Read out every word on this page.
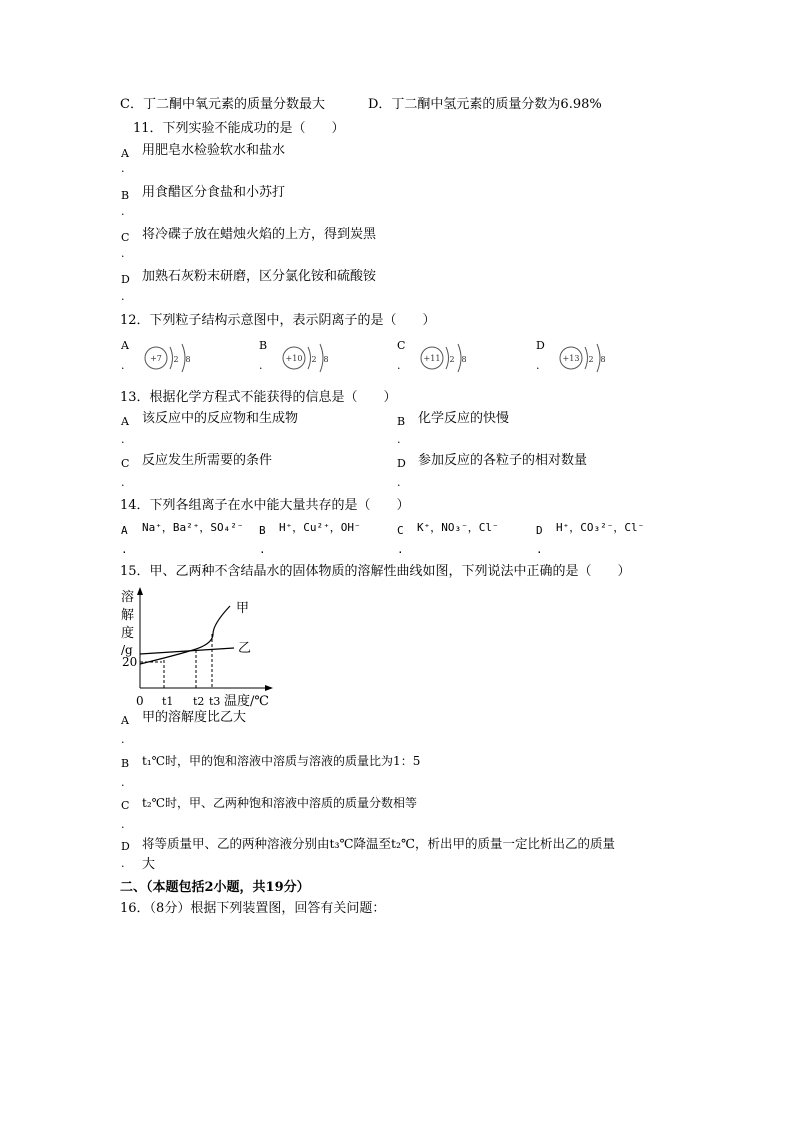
C．丁二酮中氧元素的质量分数最大	D．丁二酮中氢元素的质量分数为6.98%
11．下列实验不能成功的是（　　）
A
.
用肥皂水检验软水和盐水
B
.
用食醋区分食盐和小苏打
C
.
将冷碟子放在蜡烛火焰的上方，得到炭黑
D
.
加熟石灰粉末研磨，区分氯化铵和硫酸铵
12．下列粒子结构示意图中，表示阴离子的是（　　）
A
.
+7 2 8
B
.
+10 2 8
C
.
+11 2 8
D
.
+13 2 8
13．根据化学方程式不能获得的信息是（　　）
A
.
该反应中的反应物和生成物	B
.
化学反应的快慢
C
.
反应发生所需要的条件	D
.
参加反应的各粒子的相对数量
14．下列各组离子在水中能大量共存的是（　　）
A
.
Na⁺，Ba²⁺，SO₄²⁻ B
.
H⁺，Cu²⁺，OH⁻	C
.
K⁺，NO₃⁻，Cl⁻	D
.
H⁺，CO₃²⁻，Cl⁻
15．甲、乙两种不含结晶水的固体物质的溶解性曲线如图，下列说法中正确的是（　　）
溶
解
度
/g
20
甲
乙
0 t1 t2 t3 温度/℃
A
.
甲的溶解度比乙大
B
.
t₁℃时，甲的饱和溶液中溶质与溶液的质量比为1：5
C
.
t₂℃时，甲、乙两种饱和溶液中溶质的质量分数相等
D
.
将等质量甲、乙的两种溶液分别由t₃℃降温至t₂℃，析出甲的质量一定比析出乙的质量
大
二、（本题包括2小题，共19分）
16．（8分）根据下列装置图，回答有关问题：
